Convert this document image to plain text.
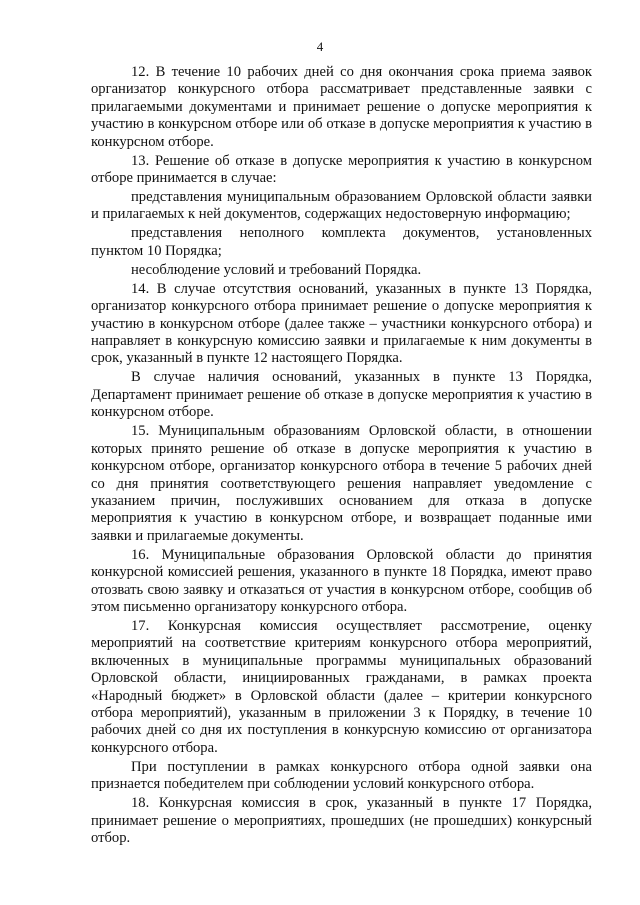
4

12. В течение 10 рабочих дней со дня окончания срока приема заявок организатор конкурсного отбора рассматривает представленные заявки с прилагаемыми документами и принимает решение о допуске мероприятия к участию в конкурсном отборе или об отказе в допуске мероприятия к участию в конкурсном отборе.

13. Решение об отказе в допуске мероприятия к участию в конкурсном отборе принимается в случае:

представления муниципальным образованием Орловской области заявки и прилагаемых к ней документов, содержащих недостоверную информацию;

представления неполного комплекта документов, установленных пунктом 10 Порядка;

несоблюдение условий и требований Порядка.

14. В случае отсутствия оснований, указанных в пункте 13 Порядка, организатор конкурсного отбора принимает решение о допуске мероприятия к участию в конкурсном отборе (далее также – участники конкурсного отбора) и направляет в конкурсную комиссию заявки и прилагаемые к ним документы в срок, указанный в пункте 12 настоящего Порядка.

В случае наличия оснований, указанных в пункте 13 Порядка, Департамент принимает решение об отказе в допуске мероприятия к участию в конкурсном отборе.

15. Муниципальным образованиям Орловской области, в отношении которых принято решение об отказе в допуске мероприятия к участию в конкурсном отборе, организатор конкурсного отбора в течение 5 рабочих дней со дня принятия соответствующего решения направляет уведомление с указанием причин, послуживших основанием для отказа в допуске мероприятия к участию в конкурсном отборе, и возвращает поданные ими заявки и прилагаемые документы.

16. Муниципальные образования Орловской области до принятия конкурсной комиссией решения, указанного в пункте 18 Порядка, имеют право отозвать свою заявку и отказаться от участия в конкурсном отборе, сообщив об этом письменно организатору конкурсного отбора.

17. Конкурсная комиссия осуществляет рассмотрение, оценку мероприятий на соответствие критериям конкурсного отбора мероприятий, включенных в муниципальные программы муниципальных образований Орловской области, инициированных гражданами, в рамках проекта «Народный бюджет» в Орловской области (далее – критерии конкурсного отбора мероприятий), указанным в приложении 3 к Порядку, в течение 10 рабочих дней со дня их поступления в конкурсную комиссию от организатора конкурсного отбора.

При поступлении в рамках конкурсного отбора одной заявки она признается победителем при соблюдении условий конкурсного отбора.

18. Конкурсная комиссия в срок, указанный в пункте 17 Порядка, принимает решение о мероприятиях, прошедших (не прошедших) конкурсный отбор.
